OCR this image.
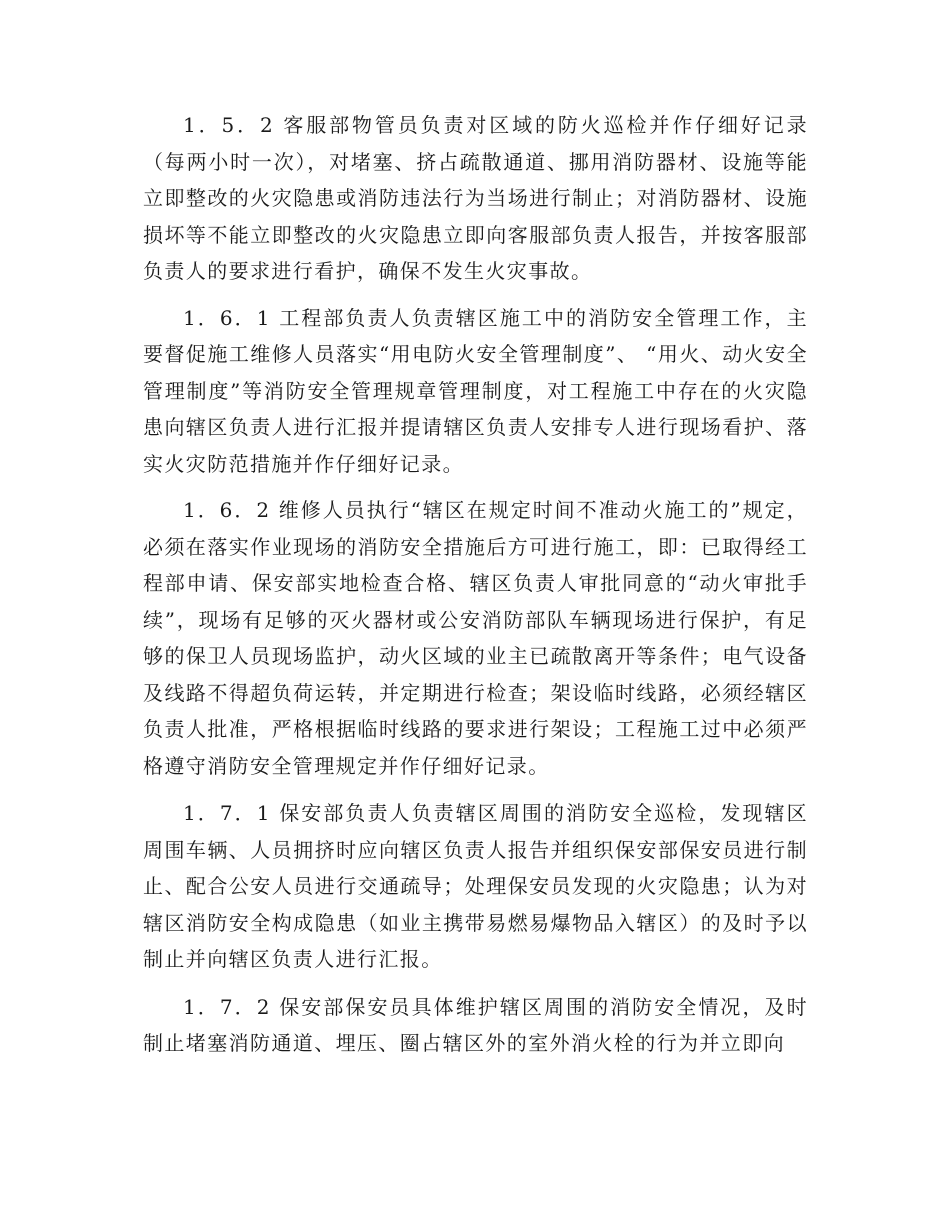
1．5．2 客服部物管员负责对区域的防火巡检并作仔细好记录（每两小时一次），对堵塞、挤占疏散通道、挪用消防器材、设施等能立即整改的火灾隐患或消防违法行为当场进行制止；对消防器材、设施损坏等不能立即整改的火灾隐患立即向客服部负责人报告，并按客服部负责人的要求进行看护，确保不发生火灾事故。

1．6．1 工程部负责人负责辖区施工中的消防安全管理工作，主要督促施工维修人员落实“用电防火安全管理制度”、 “用火、动火安全管理制度”等消防安全管理规章管理制度，对工程施工中存在的火灾隐患向辖区负责人进行汇报并提请辖区负责人安排专人进行现场看护、落实火灾防范措施并作仔细好记录。

1．6．2 维修人员执行“辖区在规定时间不准动火施工的”规定，必须在落实作业现场的消防安全措施后方可进行施工，即：已取得经工程部申请、保安部实地检查合格、辖区负责人审批同意的“动火审批手续”，现场有足够的灭火器材或公安消防部队车辆现场进行保护，有足够的保卫人员现场监护，动火区域的业主已疏散离开等条件；电气设备及线路不得超负荷运转，并定期进行检查；架设临时线路，必须经辖区负责人批准，严格根据临时线路的要求进行架设；工程施工过中必须严格遵守消防安全管理规定并作仔细好记录。

1．7．1 保安部负责人负责辖区周围的消防安全巡检，发现辖区周围车辆、人员拥挤时应向辖区负责人报告并组织保安部保安员进行制止、配合公安人员进行交通疏导；处理保安员发现的火灾隐患；认为对辖区消防安全构成隐患（如业主携带易燃易爆物品入辖区）的及时予以制止并向辖区负责人进行汇报。

1．7．2 保安部保安员具体维护辖区周围的消防安全情况，及时制止堵塞消防通道、埋压、圈占辖区外的室外消火栓的行为并立即向
